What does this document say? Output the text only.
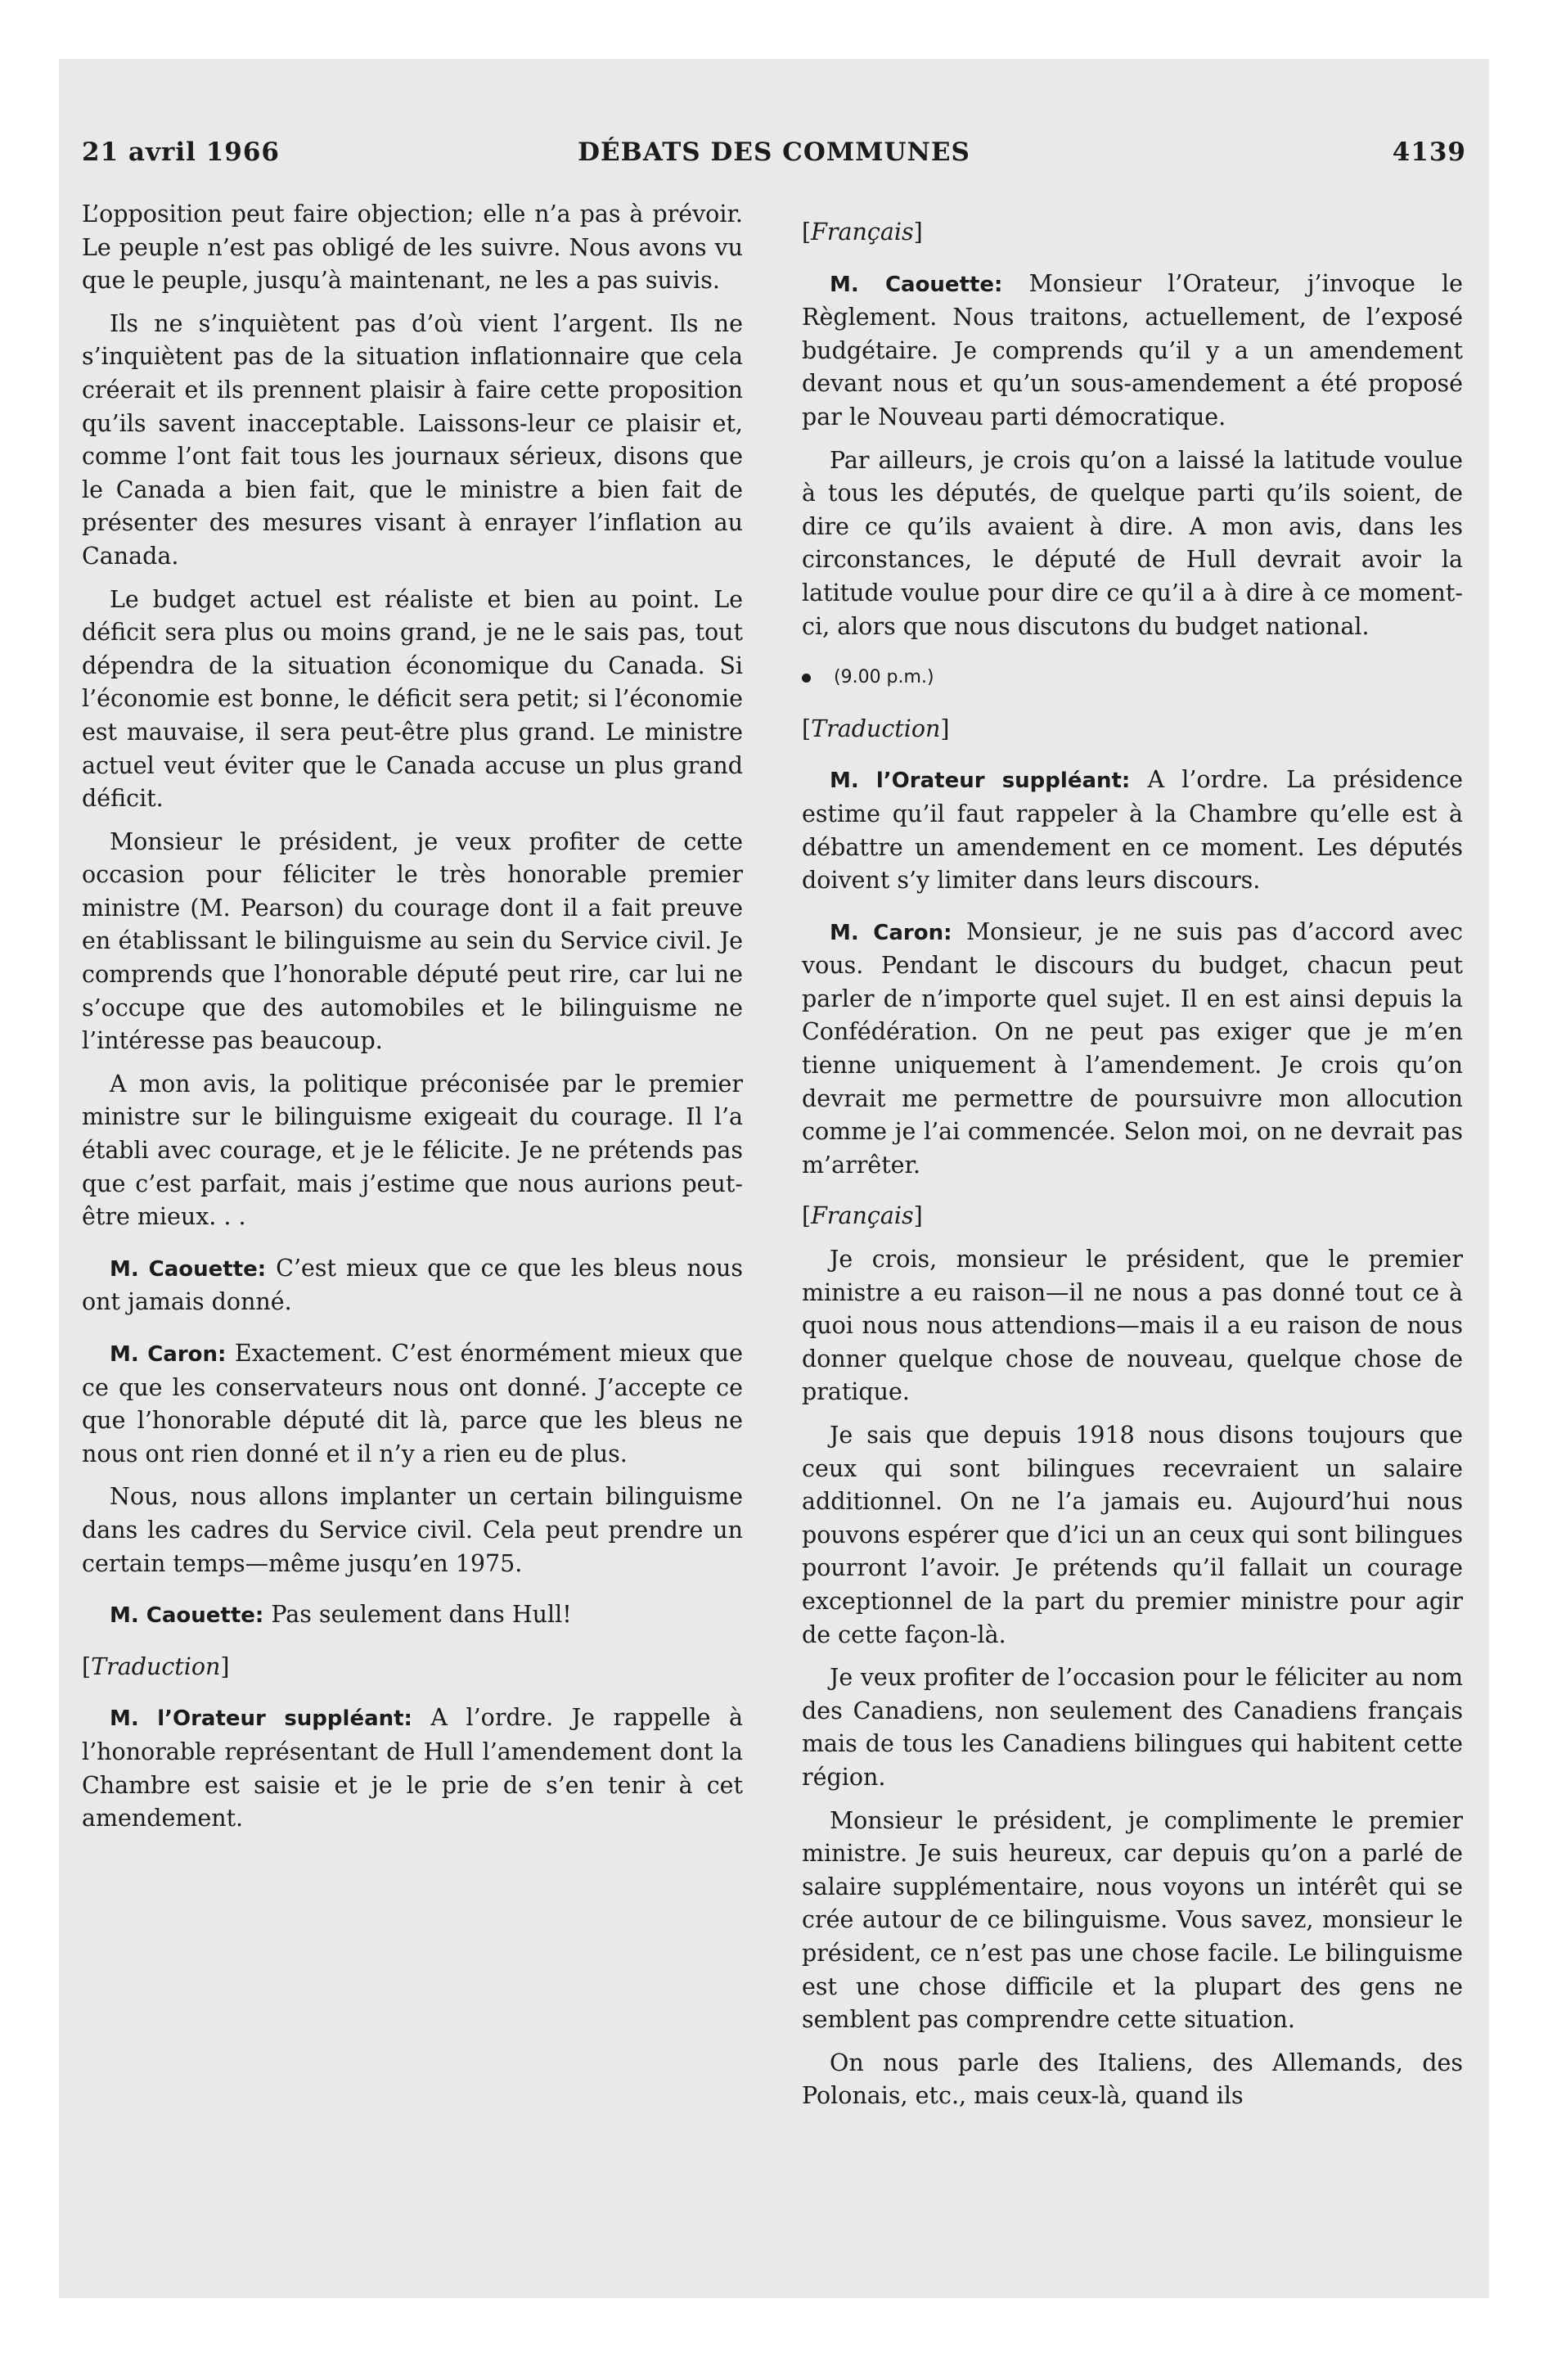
21 avril 1966	DÉBATS DES COMMUNES	4139

L’opposition peut faire objection; elle n’a pas à prévoir. Le peuple n’est pas obligé de les suivre. Nous avons vu que le peuple, jusqu’à maintenant, ne les a pas suivis.

Ils ne s’inquiètent pas d’où vient l’argent. Ils ne s’inquiètent pas de la situation inflationnaire que cela créerait et ils prennent plaisir à faire cette proposition qu’ils savent inacceptable. Laissons-leur ce plaisir et, comme l’ont fait tous les journaux sérieux, disons que le Canada a bien fait, que le ministre a bien fait de présenter des mesures visant à enrayer l’inflation au Canada.

Le budget actuel est réaliste et bien au point. Le déficit sera plus ou moins grand, je ne le sais pas, tout dépendra de la situation économique du Canada. Si l’économie est bonne, le déficit sera petit; si l’économie est mauvaise, il sera peut-être plus grand. Le ministre actuel veut éviter que le Canada accuse un plus grand déficit.

Monsieur le président, je veux profiter de cette occasion pour féliciter le très honorable premier ministre (M. Pearson) du courage dont il a fait preuve en établissant le bilinguisme au sein du Service civil. Je comprends que l’honorable député peut rire, car lui ne s’occupe que des automobiles et le bilinguisme ne l’intéresse pas beaucoup.

A mon avis, la politique préconisée par le premier ministre sur le bilinguisme exigeait du courage. Il l’a établi avec courage, et je le félicite. Je ne prétends pas que c’est parfait, mais j’estime que nous aurions peut-être mieux. . .

M. Caouette: C’est mieux que ce que les bleus nous ont jamais donné.

M. Caron: Exactement. C’est énormément mieux que ce que les conservateurs nous ont donné. J’accepte ce que l’honorable député dit là, parce que les bleus ne nous ont rien donné et il n’y a rien eu de plus.

Nous, nous allons implanter un certain bilinguisme dans les cadres du Service civil. Cela peut prendre un certain temps—même jusqu’en 1975.

M. Caouette: Pas seulement dans Hull!

[Traduction]

M. l’Orateur suppléant: A l’ordre. Je rappelle à l’honorable représentant de Hull l’amendement dont la Chambre est saisie et je le prie de s’en tenir à cet amendement.

[Français]

M. Caouette: Monsieur l’Orateur, j’invoque le Règlement. Nous traitons, actuellement, de l’exposé budgétaire. Je comprends qu’il y a un amendement devant nous et qu’un sous-amendement a été proposé par le Nouveau parti démocratique.

Par ailleurs, je crois qu’on a laissé la latitude voulue à tous les députés, de quelque parti qu’ils soient, de dire ce qu’ils avaient à dire. A mon avis, dans les circonstances, le député de Hull devrait avoir la latitude voulue pour dire ce qu’il a à dire à ce moment-ci, alors que nous discutons du budget national.

(9.00 p.m.)

[Traduction]

M. l’Orateur suppléant: A l’ordre. La présidence estime qu’il faut rappeler à la Chambre qu’elle est à débattre un amendement en ce moment. Les députés doivent s’y limiter dans leurs discours.

M. Caron: Monsieur, je ne suis pas d’accord avec vous. Pendant le discours du budget, chacun peut parler de n’importe quel sujet. Il en est ainsi depuis la Confédération. On ne peut pas exiger que je m’en tienne uniquement à l’amendement. Je crois qu’on devrait me permettre de poursuivre mon allocution comme je l’ai commencée. Selon moi, on ne devrait pas m’arrêter.

[Français]

Je crois, monsieur le président, que le premier ministre a eu raison—il ne nous a pas donné tout ce à quoi nous nous attendions—mais il a eu raison de nous donner quelque chose de nouveau, quelque chose de pratique.

Je sais que depuis 1918 nous disons toujours que ceux qui sont bilingues recevraient un salaire additionnel. On ne l’a jamais eu. Aujourd’hui nous pouvons espérer que d’ici un an ceux qui sont bilingues pourront l’avoir. Je prétends qu’il fallait un courage exceptionnel de la part du premier ministre pour agir de cette façon-là.

Je veux profiter de l’occasion pour le féliciter au nom des Canadiens, non seulement des Canadiens français mais de tous les Canadiens bilingues qui habitent cette région.

Monsieur le président, je complimente le premier ministre. Je suis heureux, car depuis qu’on a parlé de salaire supplémentaire, nous voyons un intérêt qui se crée autour de ce bilinguisme. Vous savez, monsieur le président, ce n’est pas une chose facile. Le bilinguisme est une chose difficile et la plupart des gens ne semblent pas comprendre cette situation.

On nous parle des Italiens, des Allemands, des Polonais, etc., mais ceux-là, quand ils
